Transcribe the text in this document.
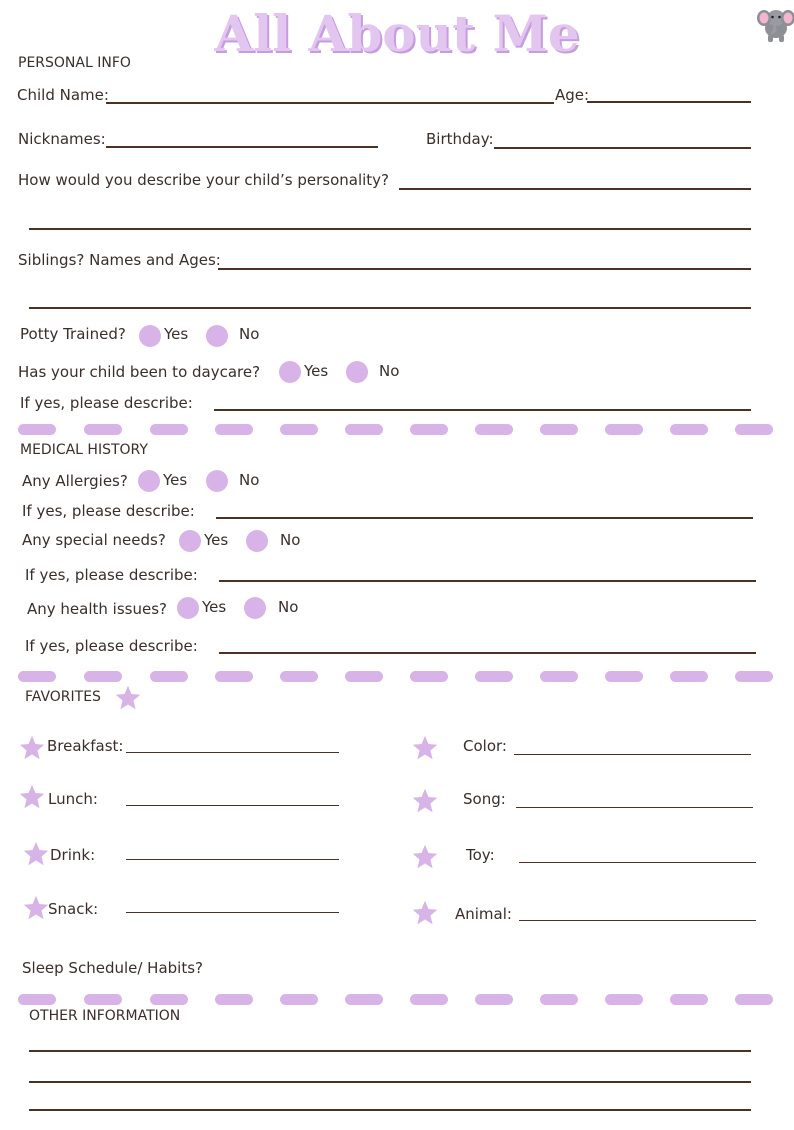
All About Me
PERSONAL INFO
Child Name:	Age:
Nicknames:	Birthday:
How would you describe your child’s personality?
Siblings? Names and Ages:
Potty Trained?	Yes	No
Has your child been to daycare?	Yes	No
If yes, please describe:
MEDICAL HISTORY
Any Allergies? Yes	No
If yes, please describe:
Any special needs?	Yes	No
If yes, please describe:
Any health issues? Yes	No
If yes, please describe:
FAVORITES
Breakfast:	Color:
Lunch:	Song:
Drink:	Toy:
Snack:	Animal:
Sleep Schedule/ Habits?
OTHER INFORMATION
